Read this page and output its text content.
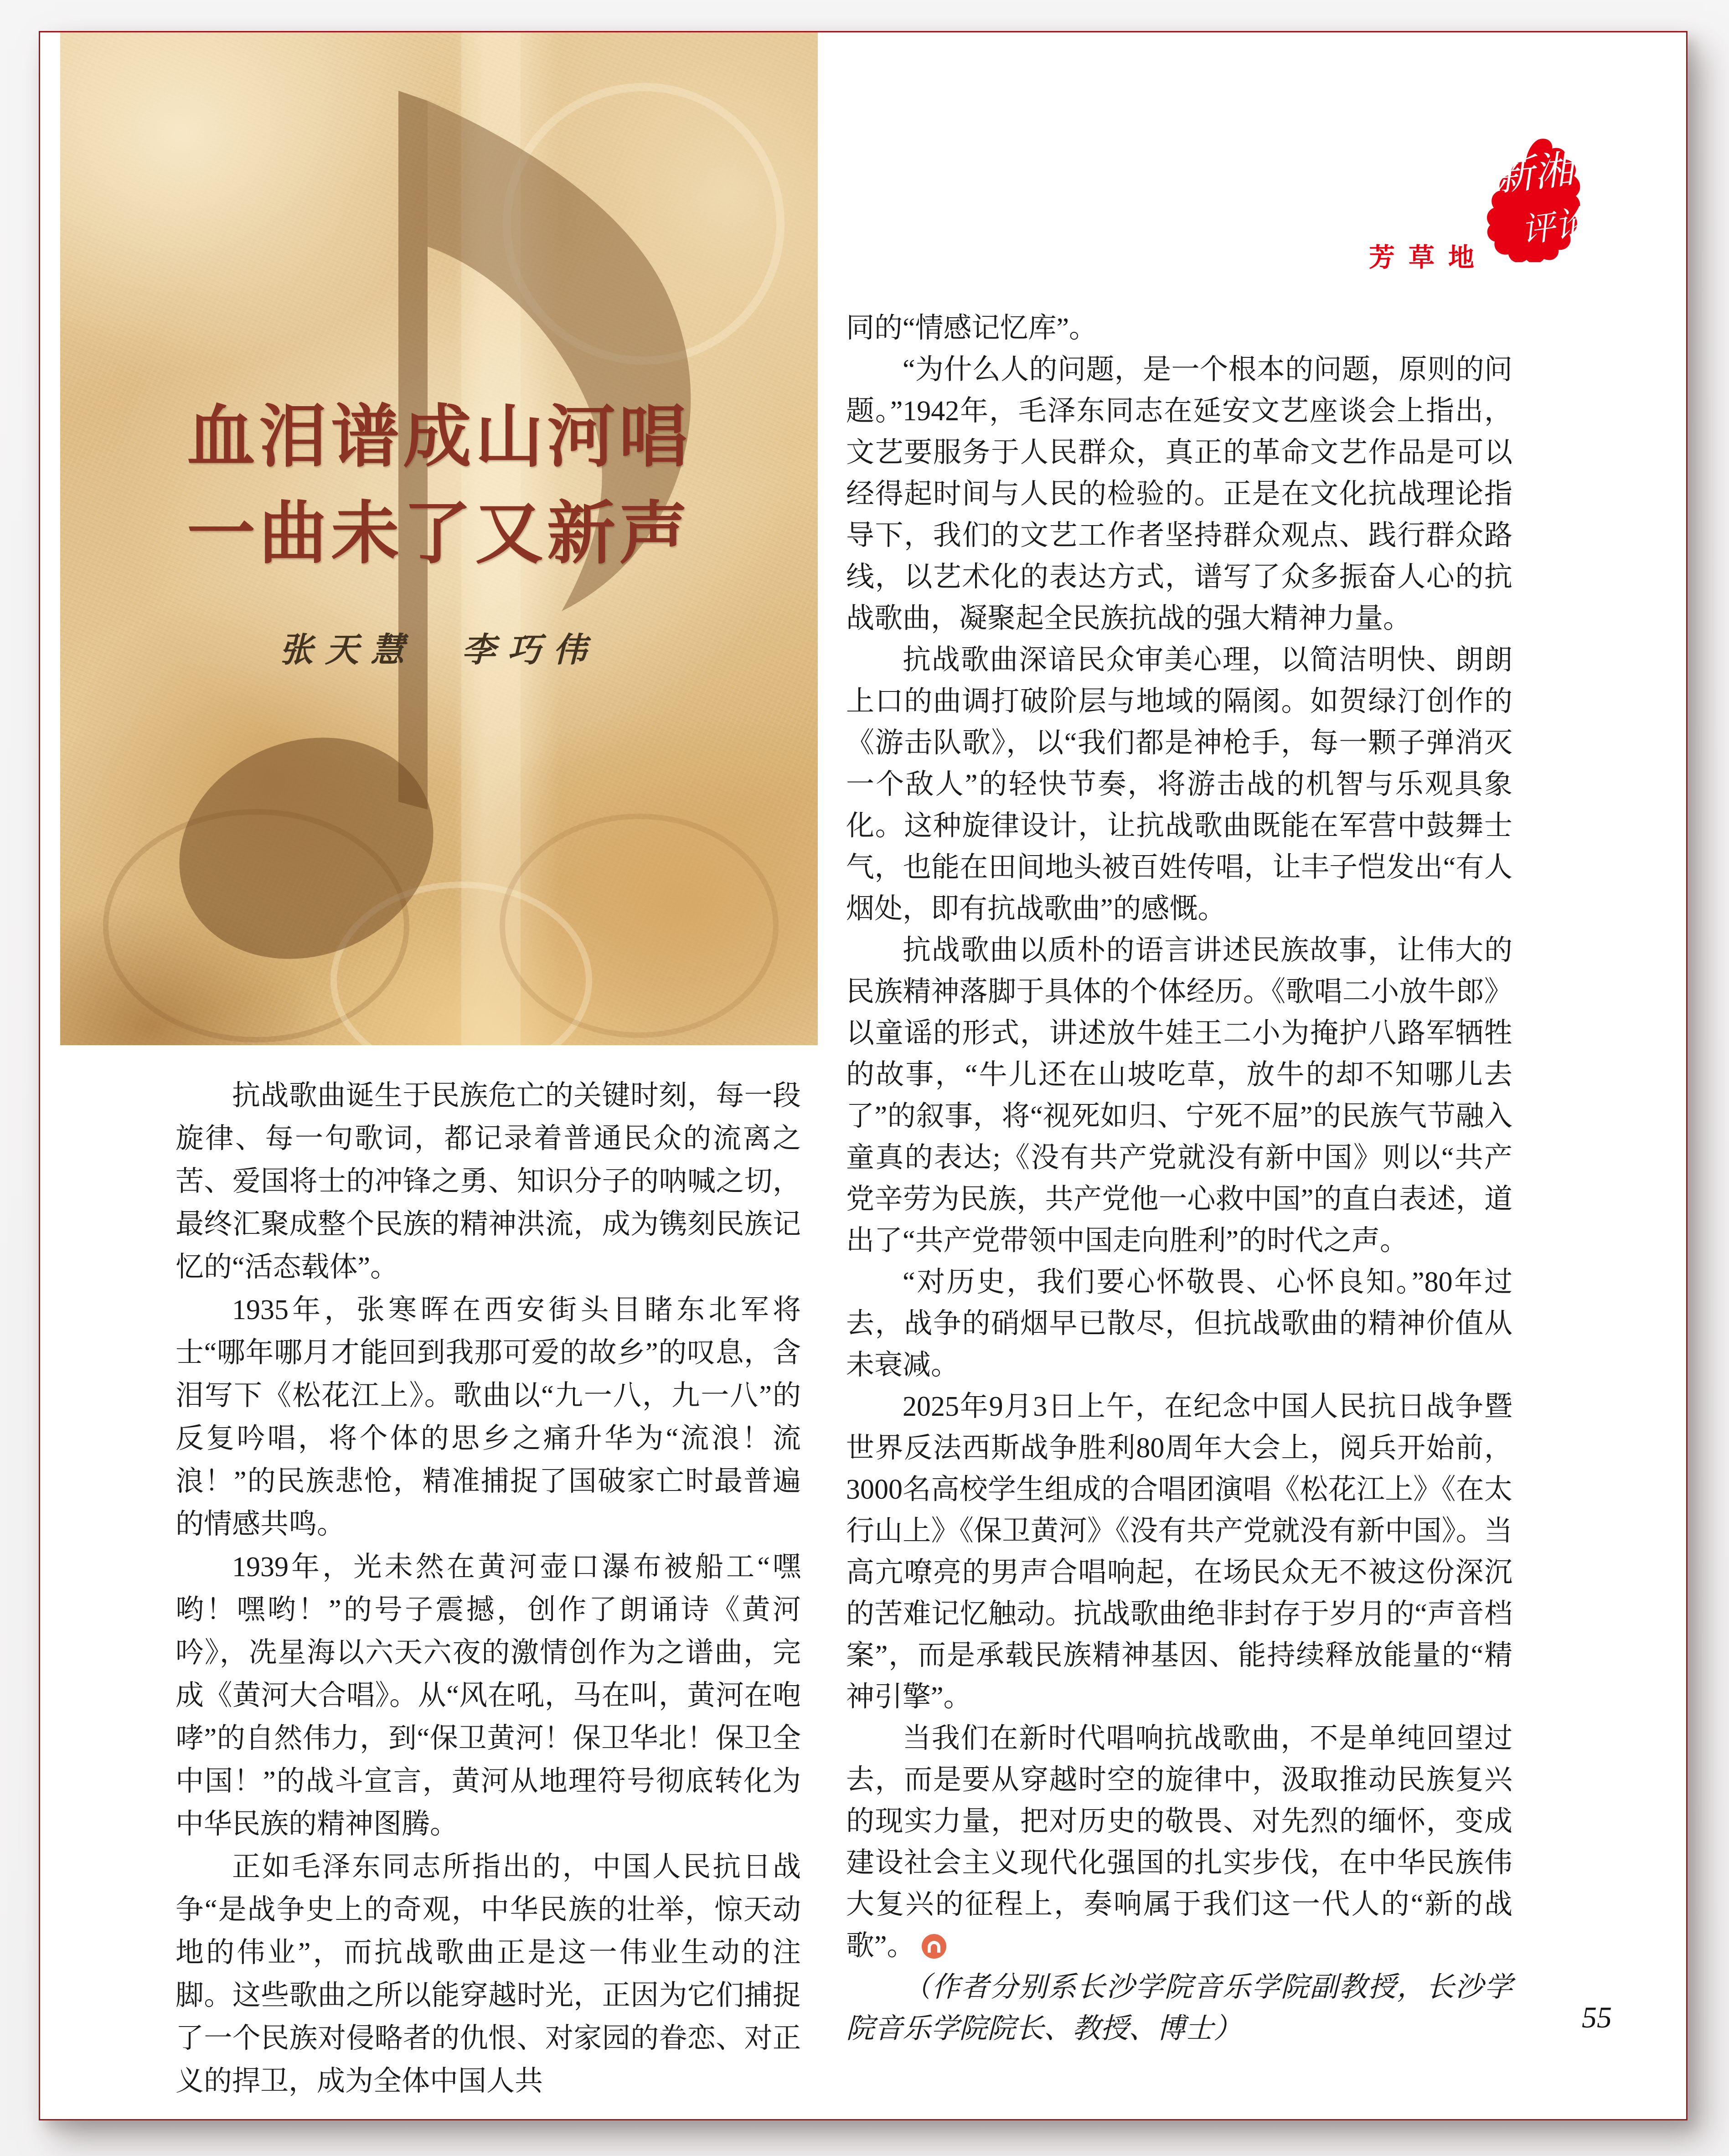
血泪谱成山河唱
一曲未了又新声
张天慧　李巧伟
新湘
评论
芳草地

抗战歌曲诞生于民族危亡的关键时刻，每一段旋律、每一句歌词，都记录着普通民众的流离之苦、爱国将士的冲锋之勇、知识分子的呐喊之切，最终汇聚成整个民族的精神洪流，成为镌刻民族记忆的“活态载体”。

1935年，张寒晖在西安街头目睹东北军将士“哪年哪月才能回到我那可爱的故乡”的叹息，含泪写下《松花江上》。歌曲以“九一八，九一八”的反复吟唱，将个体的思乡之痛升华为“流浪！流浪！”的民族悲怆，精准捕捉了国破家亡时最普遍的情感共鸣。

1939年，光未然在黄河壶口瀑布被船工“嘿哟！嘿哟！”的号子震撼，创作了朗诵诗《黄河吟》，冼星海以六天六夜的激情创作为之谱曲，完成《黄河大合唱》。从“风在吼，马在叫，黄河在咆哮”的自然伟力，到“保卫黄河！保卫华北！保卫全中国！”的战斗宣言，黄河从地理符号彻底转化为中华民族的精神图腾。

正如毛泽东同志所指出的，中国人民抗日战争“是战争史上的奇观，中华民族的壮举，惊天动地的伟业”，而抗战歌曲正是这一伟业生动的注脚。这些歌曲之所以能穿越时光，正因为它们捕捉了一个民族对侵略者的仇恨、对家园的眷恋、对正义的捍卫，成为全体中国人共

同的“情感记忆库”。

“为什么人的问题，是一个根本的问题，原则的问题。”1942年，毛泽东同志在延安文艺座谈会上指出，文艺要服务于人民群众，真正的革命文艺作品是可以经得起时间与人民的检验的。正是在文化抗战理论指导下，我们的文艺工作者坚持群众观点、践行群众路线，以艺术化的表达方式，谱写了众多振奋人心的抗战歌曲，凝聚起全民族抗战的强大精神力量。

抗战歌曲深谙民众审美心理，以简洁明快、朗朗上口的曲调打破阶层与地域的隔阂。如贺绿汀创作的《游击队歌》，以“我们都是神枪手，每一颗子弹消灭一个敌人”的轻快节奏，将游击战的机智与乐观具象化。这种旋律设计，让抗战歌曲既能在军营中鼓舞士气，也能在田间地头被百姓传唱，让丰子恺发出“有人烟处，即有抗战歌曲”的感慨。

抗战歌曲以质朴的语言讲述民族故事，让伟大的民族精神落脚于具体的个体经历。《歌唱二小放牛郎》以童谣的形式，讲述放牛娃王二小为掩护八路军牺牲的故事，“牛儿还在山坡吃草，放牛的却不知哪儿去了”的叙事，将“视死如归、宁死不屈”的民族气节融入童真的表达;《没有共产党就没有新中国》则以“共产党辛劳为民族，共产党他一心救中国”的直白表述，道出了“共产党带领中国走向胜利”的时代之声。

“对历史，我们要心怀敬畏、心怀良知。”80年过去，战争的硝烟早已散尽，但抗战歌曲的精神价值从未衰减。

2025年9月3日上午，在纪念中国人民抗日战争暨世界反法西斯战争胜利80周年大会上，阅兵开始前，3000名高校学生组成的合唱团演唱《松花江上》《在太行山上》《保卫黄河》《没有共产党就没有新中国》。当高亢嘹亮的男声合唱响起，在场民众无不被这份深沉的苦难记忆触动。抗战歌曲绝非封存于岁月的“声音档案”，而是承载民族精神基因、能持续释放能量的“精神引擎”。

当我们在新时代唱响抗战歌曲，不是单纯回望过去，而是要从穿越时空的旋律中，汲取推动民族复兴的现实力量，把对历史的敬畏、对先烈的缅怀，变成建设社会主义现代化强国的扎实步伐，在中华民族伟大复兴的征程上，奏响属于我们这一代人的“新的战歌”。

（作者分别系长沙学院音乐学院副教授，长沙学院音乐学院院长、教授、博士）	55
